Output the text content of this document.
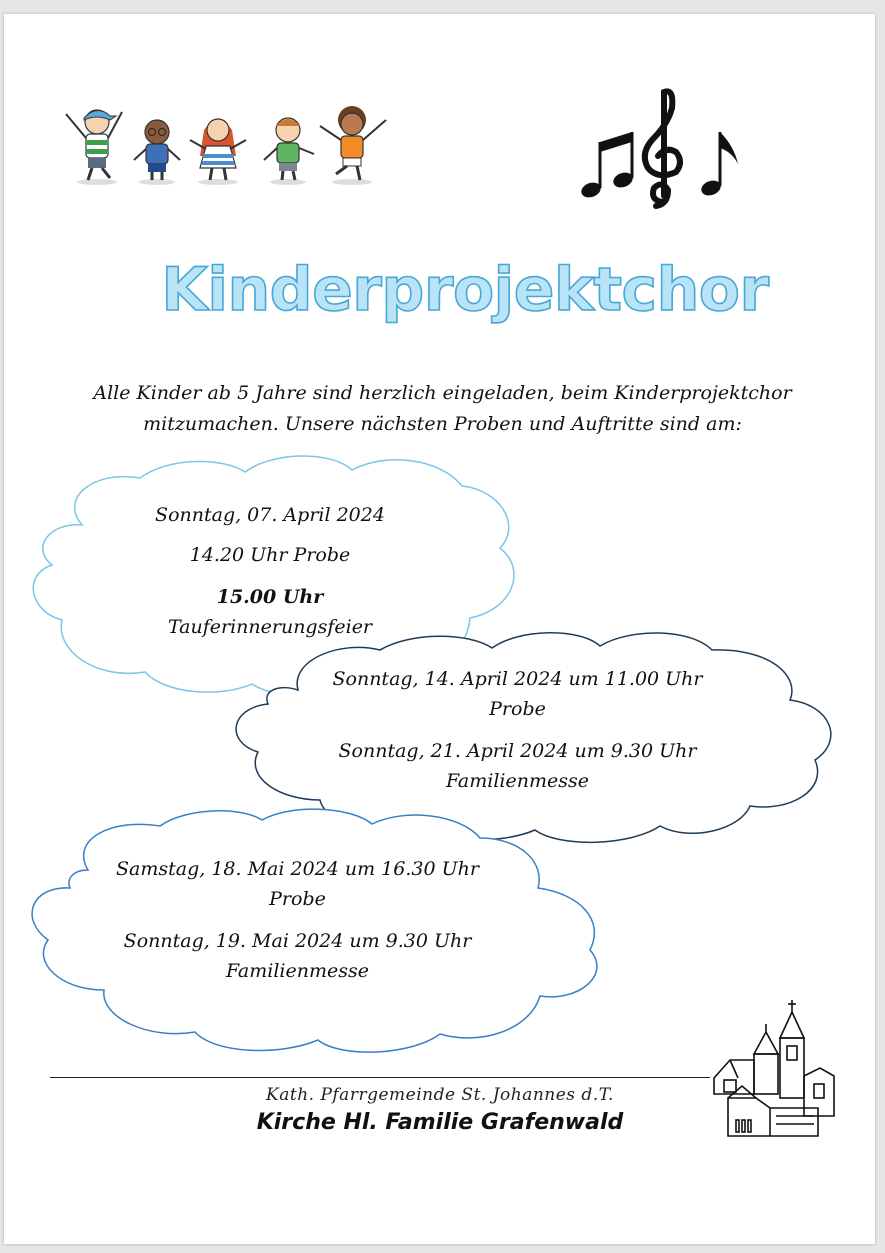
Kinderprojektchor
Alle Kinder ab 5 Jahre sind herzlich eingeladen, beim Kinderprojektchor
mitzumachen. Unsere nächsten Proben und Auftritte sind am:
Sonntag, 07. April 2024
14.20 Uhr Probe
15.00 Uhr
Tauferinnerungsfeier
Sonntag, 14. April 2024 um 11.00 Uhr
Probe
Sonntag, 21. April 2024 um 9.30 Uhr
Familienmesse
Samstag, 18. Mai 2024 um 16.30 Uhr
Probe
Sonntag, 19. Mai 2024 um 9.30 Uhr
Familienmesse
Kath. Pfarrgemeinde St. Johannes d.T.
Kirche Hl. Familie Grafenwald
